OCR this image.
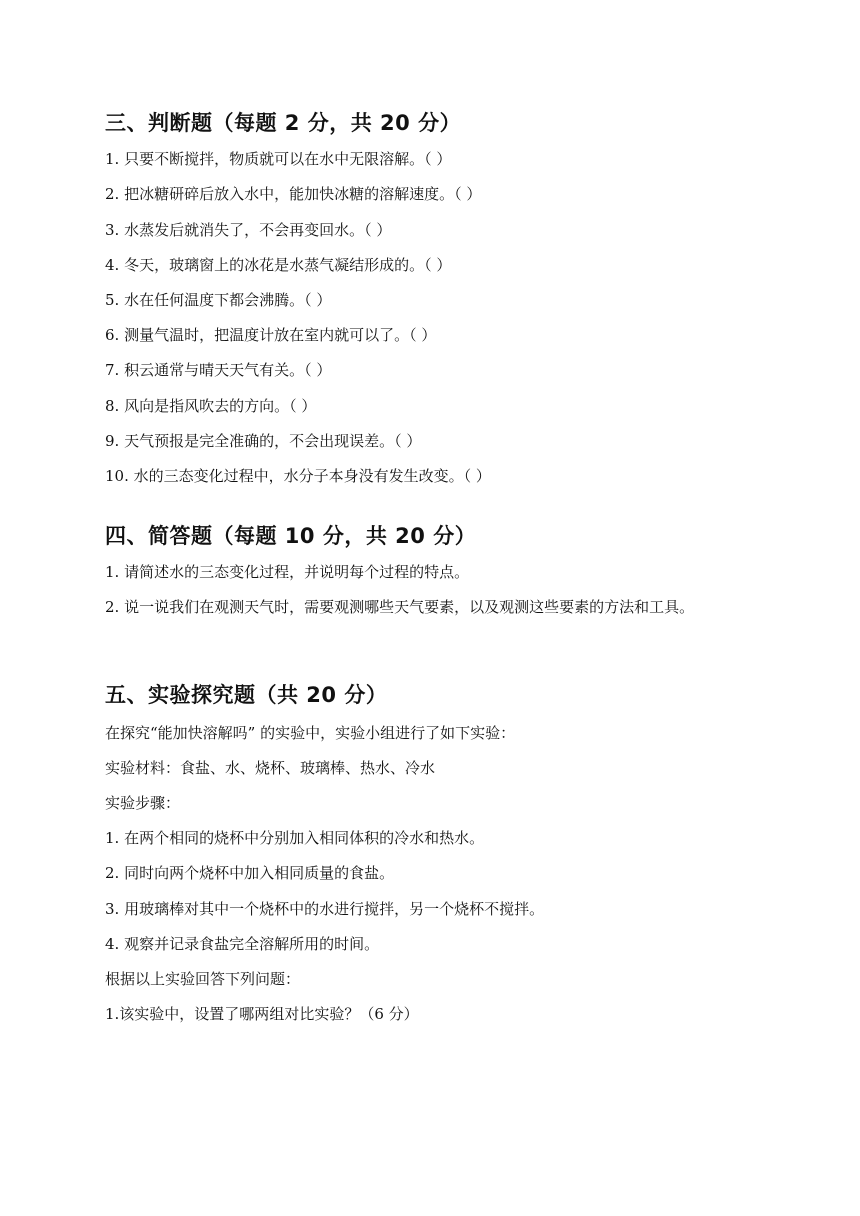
三、判断题（每题 2 分，共 20 分）

1. 只要不断搅拌，物质就可以在水中无限溶解。（ ）

2. 把冰糖研碎后放入水中，能加快冰糖的溶解速度。（ ）

3. 水蒸发后就消失了，不会再变回水。（ ）

4. 冬天，玻璃窗上的冰花是水蒸气凝结形成的。（ ）

5. 水在任何温度下都会沸腾。（ ）

6. 测量气温时，把温度计放在室内就可以了。（ ）

7. 积云通常与晴天天气有关。（ ）

8. 风向是指风吹去的方向。（ ）

9. 天气预报是完全准确的，不会出现误差。（ ）

10. 水的三态变化过程中，水分子本身没有发生改变。（ ）

四、简答题（每题 10 分，共 20 分）

1. 请简述水的三态变化过程，并说明每个过程的特点。

2. 说一说我们在观测天气时，需要观测哪些天气要素，以及观测这些要素的方法和工具。

五、实验探究题（共 20 分）

在探究“能加快溶解吗” 的实验中，实验小组进行了如下实验：

实验材料：食盐、水、烧杯、玻璃棒、热水、冷水

实验步骤：

1. 在两个相同的烧杯中分别加入相同体积的冷水和热水。

2. 同时向两个烧杯中加入相同质量的食盐。

3. 用玻璃棒对其中一个烧杯中的水进行搅拌，另一个烧杯不搅拌。

4. 观察并记录食盐完全溶解所用的时间。

根据以上实验回答下列问题：

1.该实验中，设置了哪两组对比实验？（6 分）
